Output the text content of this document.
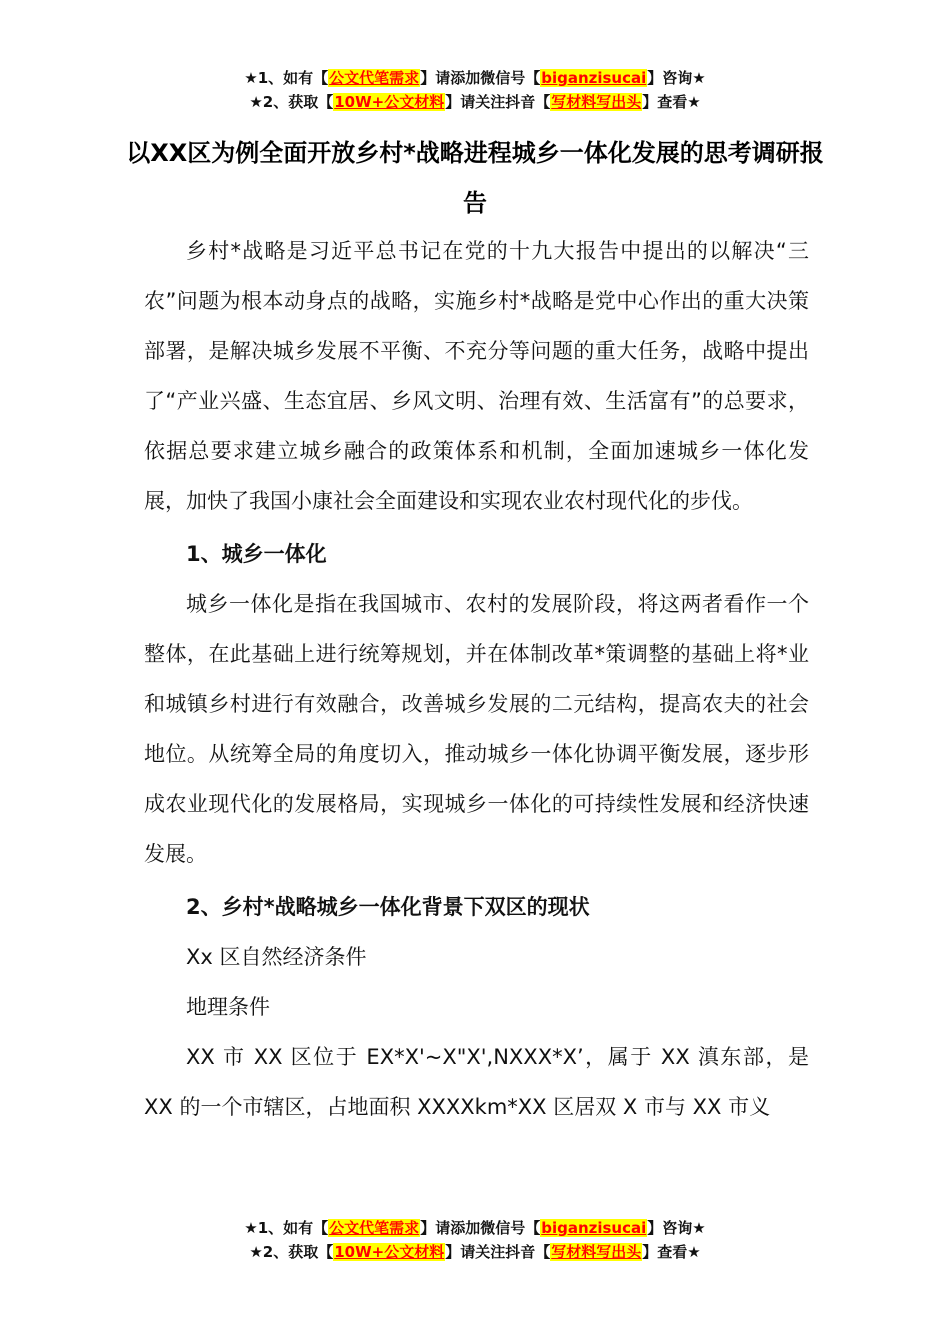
★1、如有【公文代笔需求】请添加微信号【biganzisucai】咨询★
★2、获取【10W+公文材料】请关注抖音【写材料写出头】查看★
以XX区为例全面开放乡村*战略进程城乡一体化发展的思考调研报告

乡村*战略是习近平总书记在党的十九大报告中提出的以解决“三农”问题为根本动身点的战略，实施乡村*战略是党中心作出的重大决策部署，是解决城乡发展不平衡、不充分等问题的重大任务，战略中提出了“产业兴盛、生态宜居、乡风文明、治理有效、生活富有”的总要求，依据总要求建立城乡融合的政策体系和机制，全面加速城乡一体化发展，加快了我国小康社会全面建设和实现农业农村现代化的步伐。

1、城乡一体化

城乡一体化是指在我国城市、农村的发展阶段，将这两者看作一个整体，在此基础上进行统筹规划，并在体制改革*策调整的基础上将*业和城镇乡村进行有效融合，改善城乡发展的二元结构，提高农夫的社会地位。从统筹全局的角度切入，推动城乡一体化协调平衡发展，逐步形成农业现代化的发展格局，实现城乡一体化的可持续性发展和经济快速发展。

2、乡村*战略城乡一体化背景下双区的现状

Xx 区自然经济条件

地理条件

XX 市 XX 区位于 EX*X'~X"X',NXXX*X’，属于 XX 滇东部，是 XX 的一个市辖区，占地面积 XXXXkm*XX 区居双 X 市与 XX 市义

★1、如有【公文代笔需求】请添加微信号【biganzisucai】咨询★
★2、获取【10W+公文材料】请关注抖音【写材料写出头】查看★
